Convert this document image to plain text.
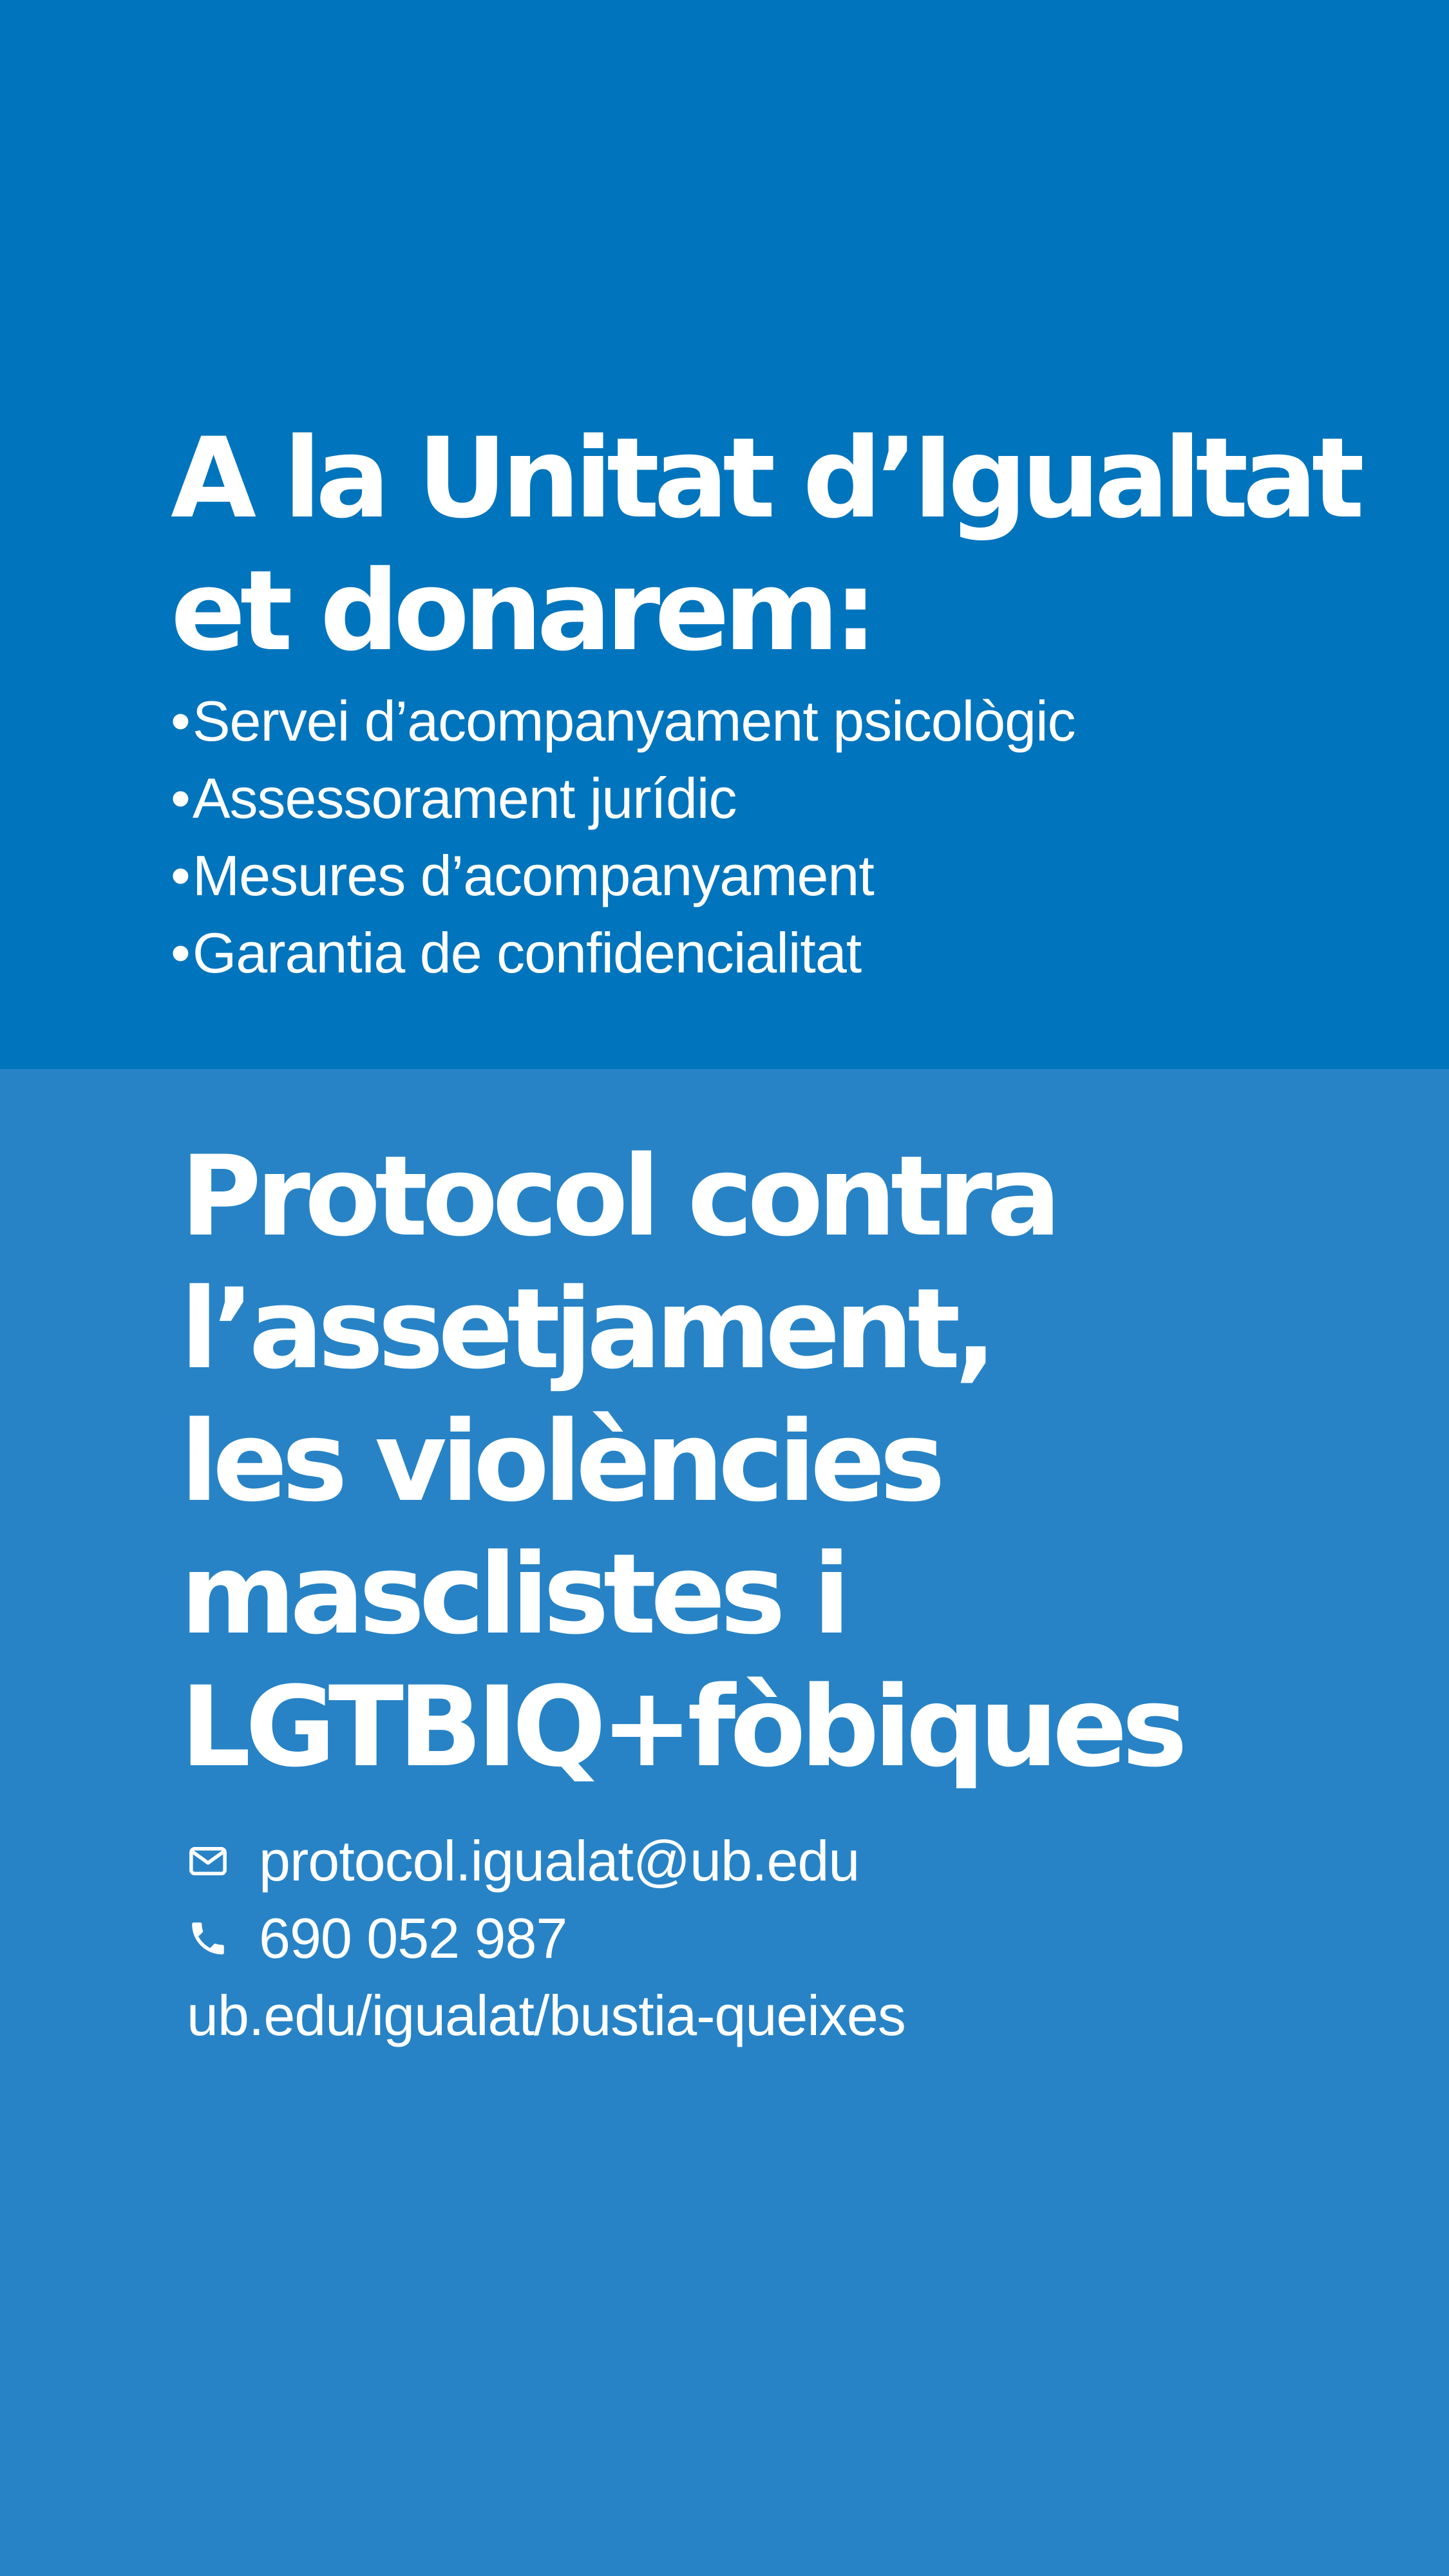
A la Unitat d’Igualtat
et donarem:
•Servei d’acompanyament psicològic
•Assessorament jurídic
•Mesures d’acompanyament
•Garantia de confidencialitat
Protocol contra
l’assetjament,
les violències
masclistes i
LGTBIQ+fòbiques
protocol.igualat@ub.edu
690 052 987
ub.edu/igualat/bustia-queixes
